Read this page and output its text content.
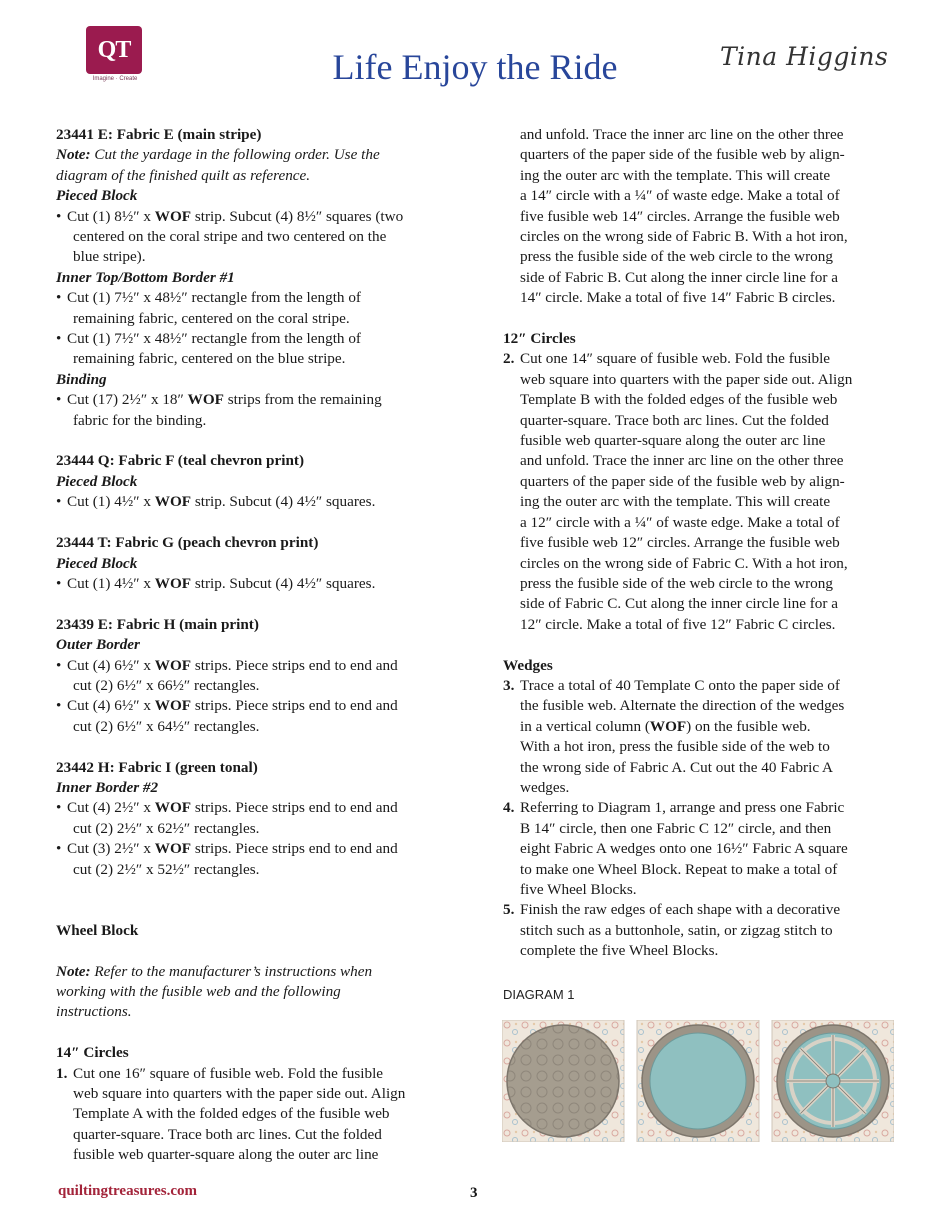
QT
Imagine · Create	Life Enjoy the Ride	Tina Higgins

23441 E: Fabric E (main stripe)

Note: Cut the yardage in the following order. Use the

diagram of the finished quilt as reference.

Pieced Block

• Cut (1) 8½″ x WOF strip. Subcut (4) 8½″ squares (two

centered on the coral stripe and two centered on the

blue stripe).

Inner Top/Bottom Border #1

• Cut (1) 7½″ x 48½″ rectangle from the length of

remaining fabric, centered on the coral stripe.

• Cut (1) 7½″ x 48½″ rectangle from the length of

remaining fabric, centered on the blue stripe.

Binding

• Cut (17) 2½″ x 18″ WOF strips from the remaining

fabric for the binding.

23444 Q: Fabric F (teal chevron print)

Pieced Block

• Cut (1) 4½″ x WOF strip. Subcut (4) 4½″ squares.

23444 T: Fabric G (peach chevron print)

Pieced Block

• Cut (1) 4½″ x WOF strip. Subcut (4) 4½″ squares.

23439 E: Fabric H (main print)

Outer Border

• Cut (4) 6½″ x WOF strips. Piece strips end to end and

cut (2) 6½″ x 66½″ rectangles.

• Cut (4) 6½″ x WOF strips. Piece strips end to end and

cut (2) 6½″ x 64½″ rectangles.

23442 H: Fabric I (green tonal)

Inner Border #2

• Cut (4) 2½″ x WOF strips. Piece strips end to end and

cut (2) 2½″ x 62½″ rectangles.

• Cut (3) 2½″ x WOF strips. Piece strips end to end and

cut (2) 2½″ x 52½″ rectangles.

Wheel Block

Note: Refer to the manufacturer’s instructions when

working with the fusible web and the following

instructions.

14″ Circles

1. Cut one 16″ square of fusible web. Fold the fusible

web square into quarters with the paper side out. Align

Template A with the folded edges of the fusible web

quarter-square. Trace both arc lines. Cut the folded

fusible web quarter-square along the outer arc line

and unfold. Trace the inner arc line on the other three

quarters of the paper side of the fusible web by align-

ing the outer arc with the template. This will create

a 14″ circle with a ¼″ of waste edge. Make a total of

five fusible web 14″ circles. Arrange the fusible web

circles on the wrong side of Fabric B. With a hot iron,

press the fusible side of the web circle to the wrong

side of Fabric B. Cut along the inner circle line for a

14″ circle. Make a total of five 14″ Fabric B circles.

12″ Circles

2. Cut one 14″ square of fusible web. Fold the fusible

web square into quarters with the paper side out. Align

Template B with the folded edges of the fusible web

quarter-square. Trace both arc lines. Cut the folded

fusible web quarter-square along the outer arc line

and unfold. Trace the inner arc line on the other three

quarters of the paper side of the fusible web by align-

ing the outer arc with the template. This will create

a 12″ circle with a ¼″ of waste edge. Make a total of

five fusible web 12″ circles. Arrange the fusible web

circles on the wrong side of Fabric C. With a hot iron,

press the fusible side of the web circle to the wrong

side of Fabric C. Cut along the inner circle line for a

12″ circle. Make a total of five 12″ Fabric C circles.

Wedges

3. Trace a total of 40 Template C onto the paper side of

the fusible web. Alternate the direction of the wedges

in a vertical column (WOF) on the fusible web.

With a hot iron, press the fusible side of the web to

the wrong side of Fabric A. Cut out the 40 Fabric A

wedges.

4. Referring to Diagram 1, arrange and press one Fabric

B 14″ circle, then one Fabric C 12″ circle, and then

eight Fabric A wedges onto one 16½″ Fabric A square

to make one Wheel Block. Repeat to make a total of

five Wheel Blocks.

5. Finish the raw edges of each shape with a decorative

stitch such as a buttonhole, satin, or zigzag stitch to

complete the five Wheel Blocks.

DIAGRAM 1
quiltingtreasures.com	3
